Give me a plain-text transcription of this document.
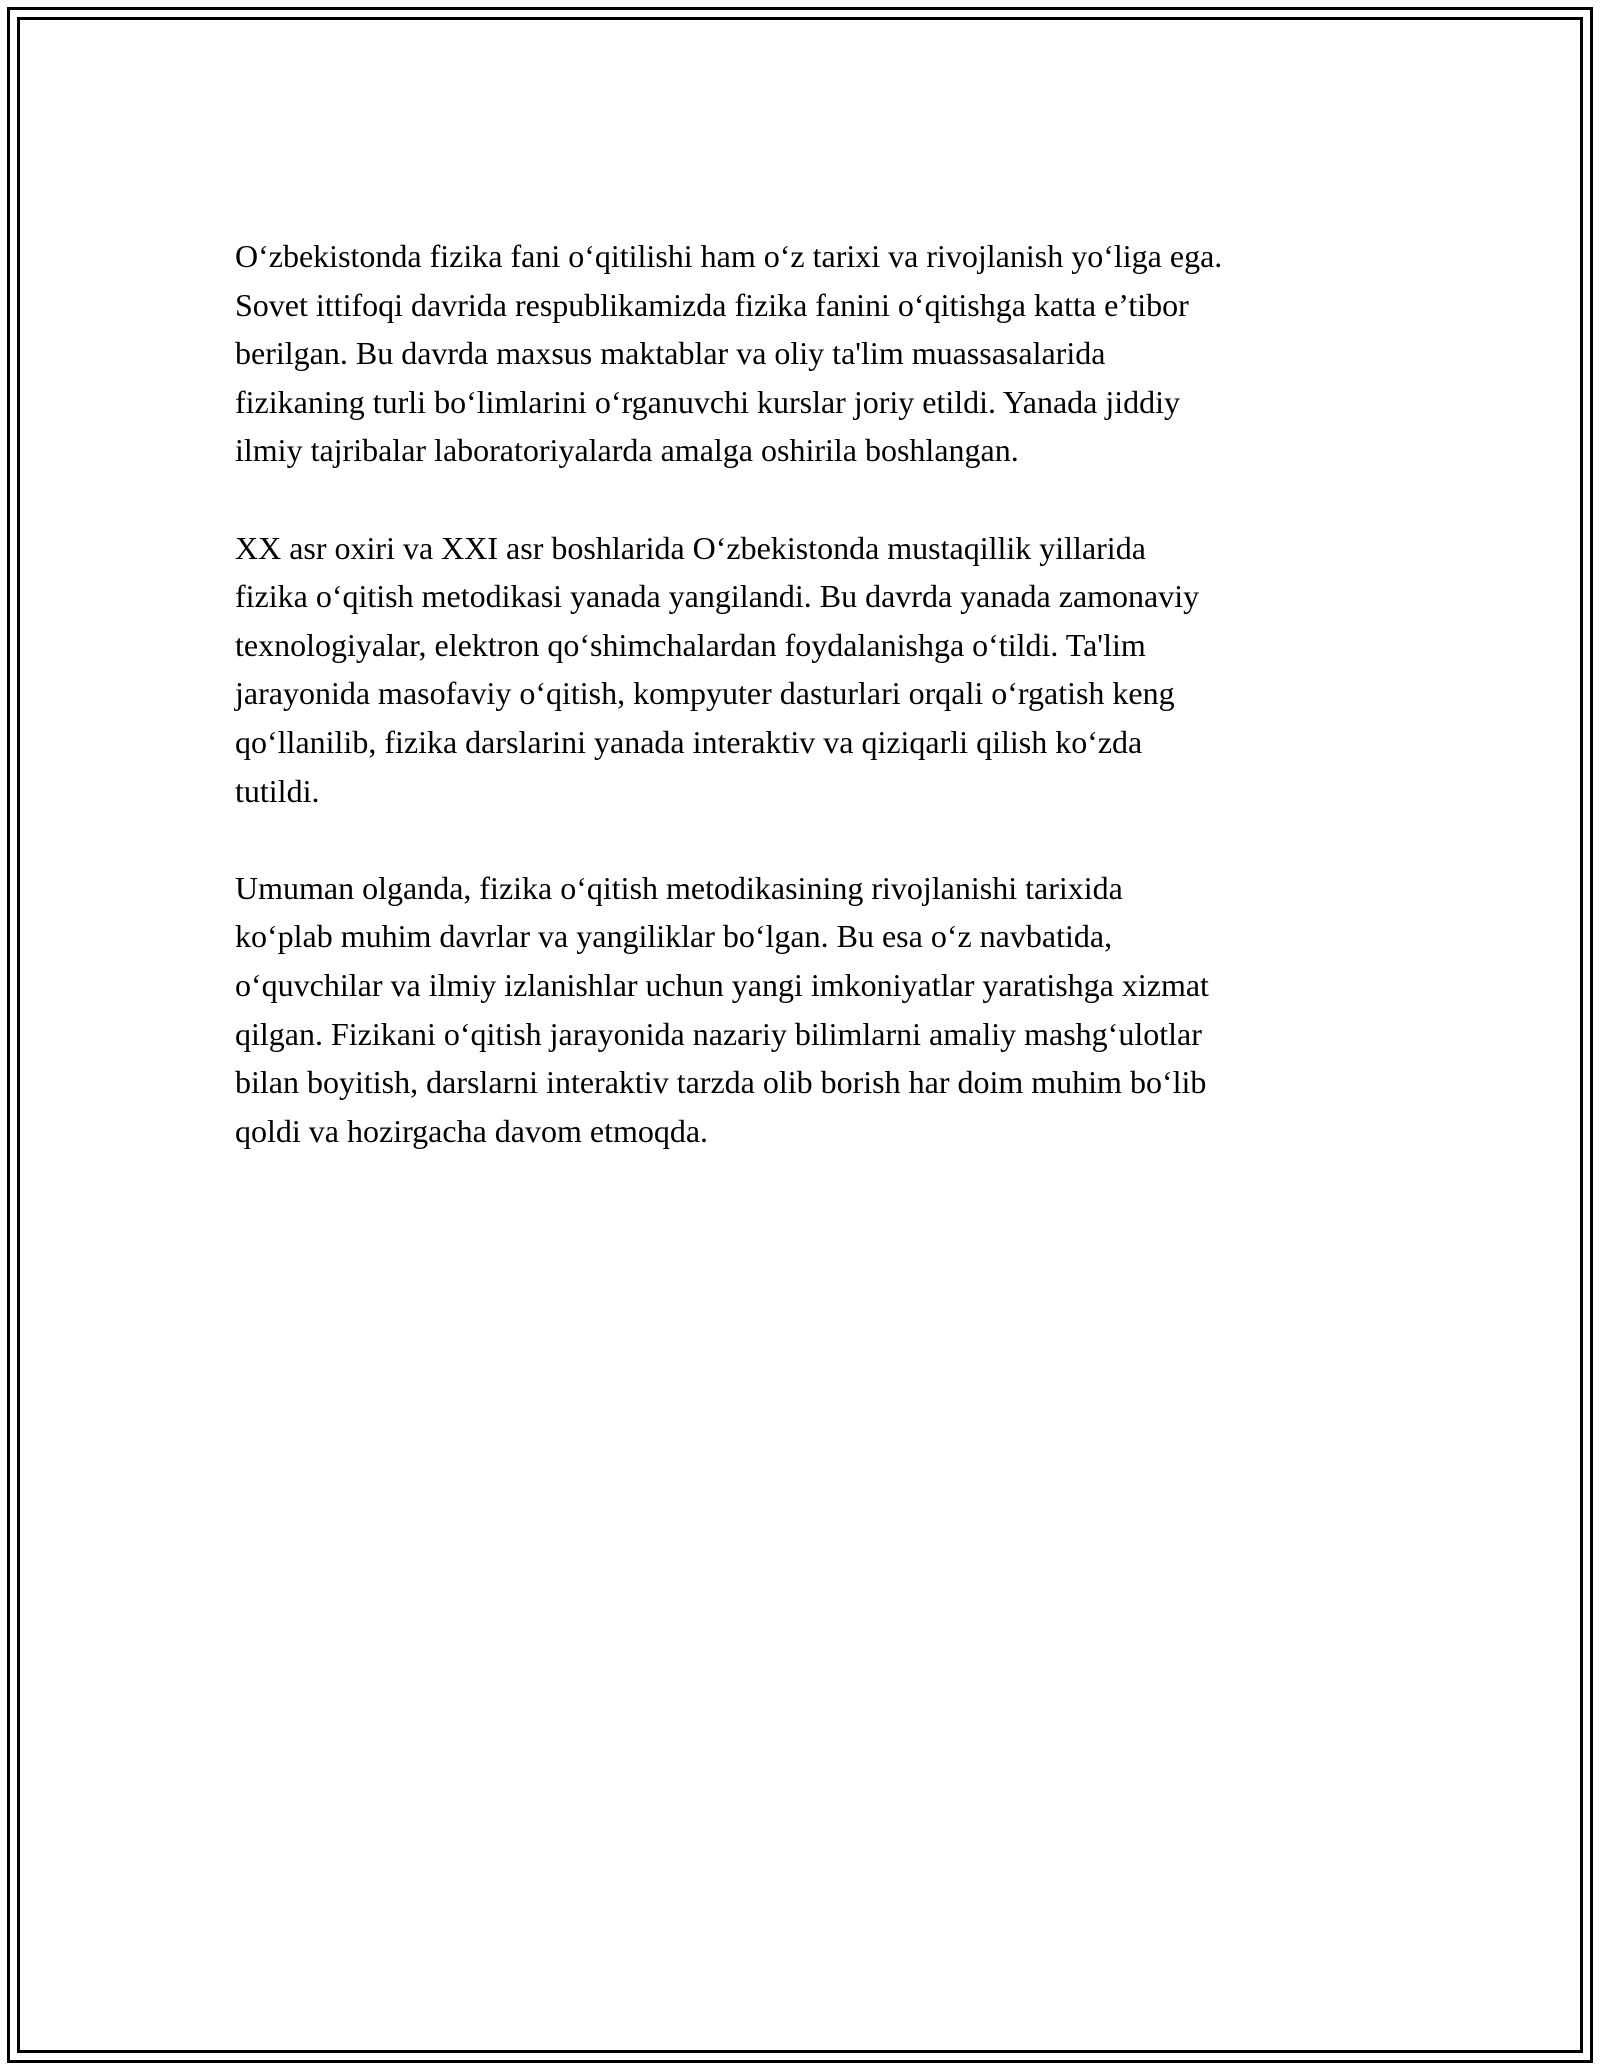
O‘zbekistonda fizika fani o‘qitilishi ham o‘z tarixi va rivojlanish yo‘liga ega.
Sovet ittifoqi davrida respublikamizda fizika fanini o‘qitishga katta e’tibor
berilgan. Bu davrda maxsus maktablar va oliy ta'lim muassasalarida
fizikaning turli bo‘limlarini o‘rganuvchi kurslar joriy etildi. Yanada jiddiy
ilmiy tajribalar laboratoriyalarda amalga oshirila boshlangan.

XX asr oxiri va XXI asr boshlarida O‘zbekistonda mustaqillik yillarida
fizika o‘qitish metodikasi yanada yangilandi. Bu davrda yanada zamonaviy
texnologiyalar, elektron qo‘shimchalardan foydalanishga o‘tildi. Ta'lim
jarayonida masofaviy o‘qitish, kompyuter dasturlari orqali o‘rgatish keng
qo‘llanilib, fizika darslarini yanada interaktiv va qiziqarli qilish ko‘zda
tutildi.

Umuman olganda, fizika o‘qitish metodikasining rivojlanishi tarixida
ko‘plab muhim davrlar va yangiliklar bo‘lgan. Bu esa o‘z navbatida,
o‘quvchilar va ilmiy izlanishlar uchun yangi imkoniyatlar yaratishga xizmat
qilgan. Fizikani o‘qitish jarayonida nazariy bilimlarni amaliy mashg‘ulotlar
bilan boyitish, darslarni interaktiv tarzda olib borish har doim muhim bo‘lib
qoldi va hozirgacha davom etmoqda.
